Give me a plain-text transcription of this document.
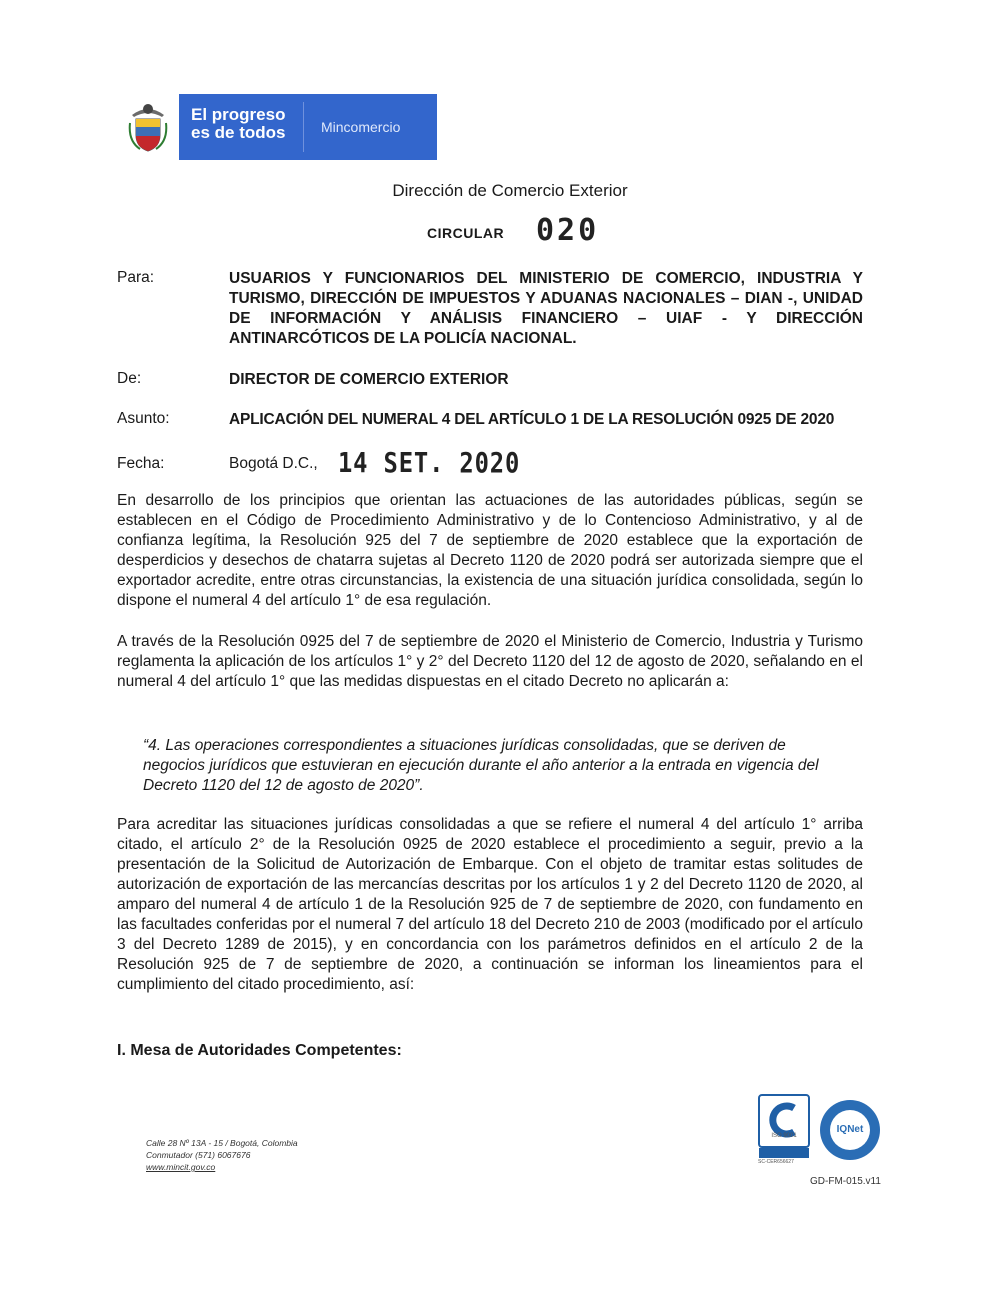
El progreso
es de todos	Mincomercio
Dirección de Comercio Exterior
CIRCULAR 020
Para:	USUARIOS Y FUNCIONARIOS DEL MINISTERIO DE COMERCIO, INDUSTRIA Y TURISMO, DIRECCIÓN DE IMPUESTOS Y ADUANAS NACIONALES – DIAN -, UNIDAD DE INFORMACIÓN Y ANÁLISIS FINANCIERO – UIAF - Y DIRECCIÓN ANTINARCÓTICOS DE LA POLICÍA NACIONAL.
De:	DIRECTOR DE COMERCIO EXTERIOR
Asunto:	APLICACIÓN DEL NUMERAL 4 DEL ARTÍCULO 1 DE LA RESOLUCIÓN 0925 DE 2020
Fecha:	Bogotá D.C., 14 SET. 2020
En desarrollo de los principios que orientan las actuaciones de las autoridades públicas, según se establecen en el Código de Procedimiento Administrativo y de lo Contencioso Administrativo, y al de confianza legítima, la Resolución 925 del 7 de septiembre de 2020 establece que la exportación de desperdicios y desechos de chatarra sujetas al Decreto 1120 de 2020 podrá ser autorizada siempre que el exportador acredite, entre otras circunstancias, la existencia de una situación jurídica consolidada, según lo dispone el numeral 4 del artículo 1° de esa regulación.
A través de la Resolución 0925 del 7 de septiembre de 2020 el Ministerio de Comercio, Industria y Turismo reglamenta la aplicación de los artículos 1° y 2° del Decreto 1120 del 12 de agosto de 2020, señalando en el numeral 4 del artículo 1° que las medidas dispuestas en el citado Decreto no aplicarán a:
“4. Las operaciones correspondientes a situaciones jurídicas consolidadas, que se deriven de negocios jurídicos que estuvieran en ejecución durante el año anterior a la entrada en vigencia del Decreto 1120 del 12 de agosto de 2020”.
Para acreditar las situaciones jurídicas consolidadas a que se refiere el numeral 4 del artículo 1° arriba citado, el artículo 2° de la Resolución 0925 de 2020 establece el procedimiento a seguir, previo a la presentación de la Solicitud de Autorización de Embarque. Con el objeto de tramitar estas solitudes de autorización de exportación de las mercancías descritas por los artículos 1 y 2 del Decreto 1120 de 2020, al amparo del numeral 4 de artículo 1 de la Resolución 925 de 7 de septiembre de 2020, con fundamento en las facultades conferidas por el numeral 7 del artículo 18 del Decreto 210 de 2003 (modificado por el artículo 3 del Decreto 1289 de 2015), y en concordancia con los parámetros definidos en el artículo 2 de la Resolución 925 de 7 de septiembre de 2020, a continuación se informan los lineamientos para el cumplimiento del citado procedimiento, así:
I. Mesa de Autoridades Competentes:
ISO 9001
SC-CER656627
IQNet
Calle 28 Nº 13A - 15 / Bogotá, Colombia
Conmutador (571) 6067676
www.mincit.gov.co
GD-FM-015.v11
